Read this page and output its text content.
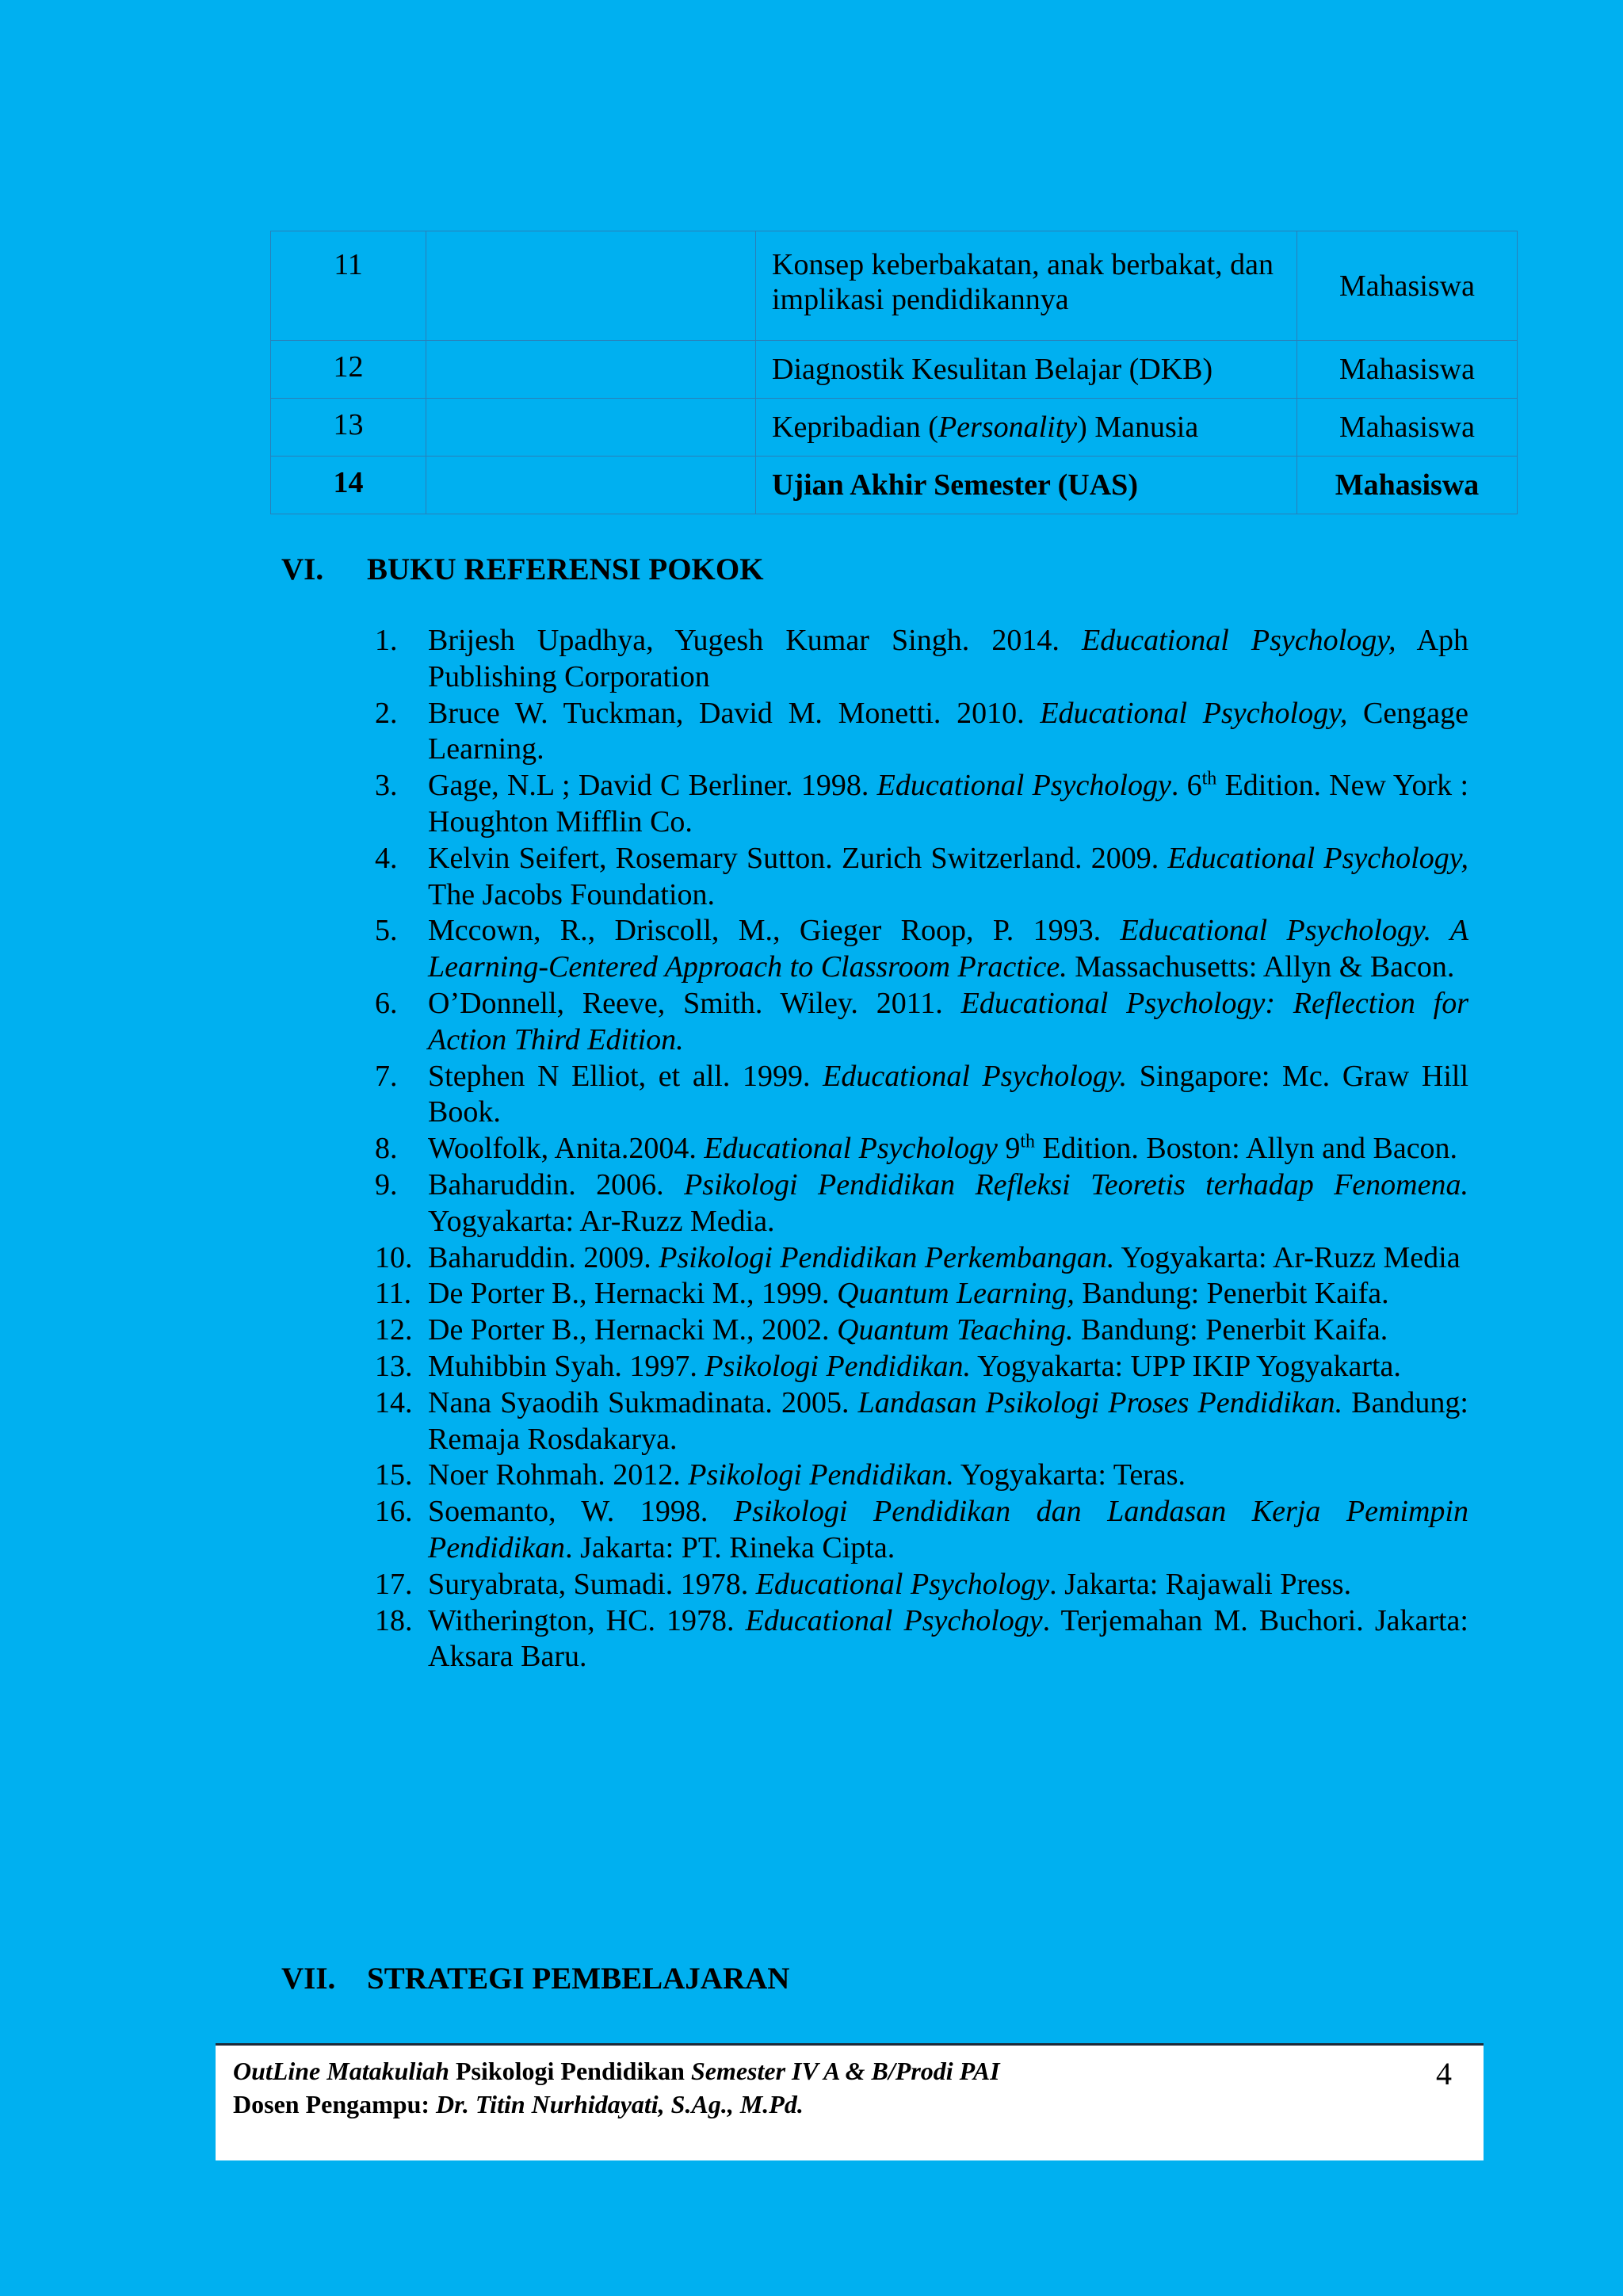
11		Konsep keberbakatan, anak berbakat, dan implikasi pendidikannya	Mahasiswa
12		Diagnostik Kesulitan Belajar (DKB)	Mahasiswa
13		Kepribadian (Personality) Manusia	Mahasiswa
14		Ujian Akhir Semester (UAS)	Mahasiswa
VI. BUKU REFERENSI POKOK
1. Brijesh Upadhya, Yugesh Kumar Singh. 2014. Educational Psychology, Aph Publishing Corporation
2. Bruce W. Tuckman, David M. Monetti. 2010. Educational Psychology, Cengage Learning.
3. Gage, N.L ; David C Berliner. 1998. Educational Psychology. 6th Edition. New York : Houghton Mifflin Co.
4. Kelvin Seifert, Rosemary Sutton. Zurich Switzerland. 2009. Educational Psychology, The Jacobs Foundation.
5. Mccown, R., Driscoll, M., Gieger Roop, P. 1993. Educational Psychology. A Learning-Centered Approach to Classroom Practice. Massachusetts: Allyn & Bacon.
6. O’Donnell, Reeve, Smith. Wiley. 2011. Educational Psychology: Reflection for Action Third Edition.
7. Stephen N Elliot, et all. 1999. Educational Psychology. Singapore: Mc. Graw Hill Book.
8. Woolfolk, Anita.2004. Educational Psychology 9th Edition. Boston: Allyn and Bacon.
9. Baharuddin. 2006. Psikologi Pendidikan Refleksi Teoretis terhadap Fenomena. Yogyakarta: Ar-Ruzz Media.
10. Baharuddin. 2009. Psikologi Pendidikan Perkembangan. Yogyakarta: Ar-Ruzz Media
11. De Porter B., Hernacki M., 1999. Quantum Learning, Bandung: Penerbit Kaifa.
12. De Porter B., Hernacki M., 2002. Quantum Teaching. Bandung: Penerbit Kaifa.
13. Muhibbin Syah. 1997. Psikologi Pendidikan. Yogyakarta: UPP IKIP Yogyakarta.
14. Nana Syaodih Sukmadinata. 2005. Landasan Psikologi Proses Pendidikan. Bandung: Remaja Rosdakarya.
15. Noer Rohmah. 2012. Psikologi Pendidikan. Yogyakarta: Teras.
16. Soemanto, W. 1998. Psikologi Pendidikan dan Landasan Kerja Pemimpin Pendidikan. Jakarta: PT. Rineka Cipta.
17. Suryabrata, Sumadi. 1978. Educational Psychology. Jakarta: Rajawali Press.
18. Witherington, HC. 1978. Educational Psychology. Terjemahan M. Buchori. Jakarta: Aksara Baru.
VII. STRATEGI PEMBELAJARAN
OutLine Matakuliah Psikologi Pendidikan Semester IV A & B/Prodi PAI
Dosen Pengampu: Dr. Titin Nurhidayati, S.Ag., M.Pd.
4
